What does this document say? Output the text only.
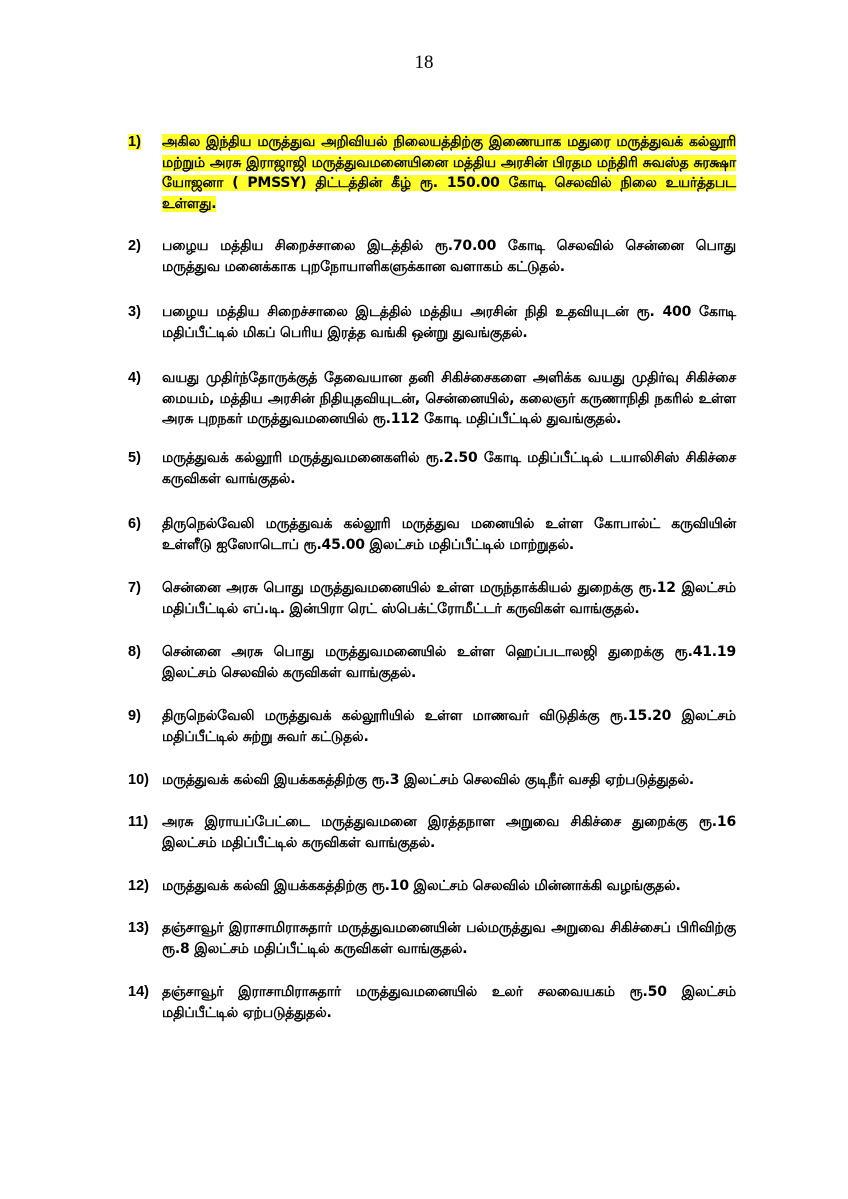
18
1)	அகில இந்திய மருத்துவ அறிவியல் நிலையத்திற்கு இணையாக மதுரை மருத்துவக் கல்லூரி மற்றும் அரசு இராஜாஜி மருத்துவமனையினை மத்திய அரசின் பிரதம மந்திரி சுவஸ்த சுரக்ஷா யோஜனா ( PMSSY) திட்டத்தின் கீழ் ரூ. 150.00 கோடி செலவில் நிலை உயர்த்தபட உள்ளது.
2)	பழைய மத்திய சிறைச்சாலை இடத்தில் ரூ.70.00 கோடி செலவில் சென்னை பொது மருத்துவ மனைக்காக புறநோயாளிகளுக்கான வளாகம் கட்டுதல்.
3)	பழைய மத்திய சிறைச்சாலை இடத்தில் மத்திய அரசின் நிதி உதவியுடன் ரூ. 400 கோடி மதிப்பீட்டில் மிகப் பெரிய இரத்த வங்கி ஒன்று துவங்குதல்.
4)	வயது முதிர்ந்தோருக்குத் தேவையான தனி சிகிச்சைகளை அளிக்க வயது முதிர்வு சிகிச்சை மையம், மத்திய அரசின் நிதியுதவியுடன், சென்னையில், கலைஞர் கருணாநிதி நகரில் உள்ள அரசு புறநகர் மருத்துவமனையில் ரூ.112 கோடி மதிப்பீட்டில் துவங்குதல்.
5)	மருத்துவக் கல்லூரி மருத்துவமனைகளில் ரூ.2.50 கோடி மதிப்பீட்டில் டயாலிசிஸ் சிகிச்சை கருவிகள் வாங்குதல்.
6)	திருநெல்வேலி மருத்துவக் கல்லூரி மருத்துவ மனையில் உள்ள கோபால்ட் கருவியின் உள்ளீடு ஐஸோடொப் ரூ.45.00 இலட்சம் மதிப்பீட்டில் மாற்றுதல்.
7)	சென்னை அரசு பொது மருத்துவமனையில் உள்ள மருந்தாக்கியல் துறைக்கு ரூ.12 இலட்சம் மதிப்பீட்டில் எப்.டி. இன்பிரா ரெட் ஸ்பெக்ட்ரோமீட்டர் கருவிகள் வாங்குதல்.
8)	சென்னை அரசு பொது மருத்துவமனையில் உள்ள ஹெப்படாலஜி துறைக்கு ரூ.41.19 இலட்சம் செலவில் கருவிகள் வாங்குதல்.
9)	திருநெல்வேலி மருத்துவக் கல்லூரியில் உள்ள மாணவர் விடுதிக்கு ரூ.15.20 இலட்சம் மதிப்பீட்டில் சுற்று சுவர் கட்டுதல்.
10) மருத்துவக் கல்வி இயக்ககத்திற்கு ரூ.3 இலட்சம் செலவில் குடிநீர் வசதி ஏற்படுத்துதல்.
11) அரசு இராயப்பேட்டை மருத்துவமனை இரத்தநாள அறுவை சிகிச்சை துறைக்கு ரூ.16 இலட்சம் மதிப்பீட்டில் கருவிகள் வாங்குதல்.
12) மருத்துவக் கல்வி இயக்ககத்திற்கு ரூ.10 இலட்சம் செலவில் மின்னாக்கி வழங்குதல்.
13) தஞ்சாவூர் இராசாமிராசுதார் மருத்துவமனையின் பல்மருத்துவ அறுவை சிகிச்சைப் பிரிவிற்கு ரூ.8 இலட்சம் மதிப்பீட்டில் கருவிகள் வாங்குதல்.
14) தஞ்சாவூர் இராசாமிராசுதார் மருத்துவமனையில் உலர் சலவையகம் ரூ.50 இலட்சம் மதிப்பீட்டில் ஏற்படுத்துதல்.
